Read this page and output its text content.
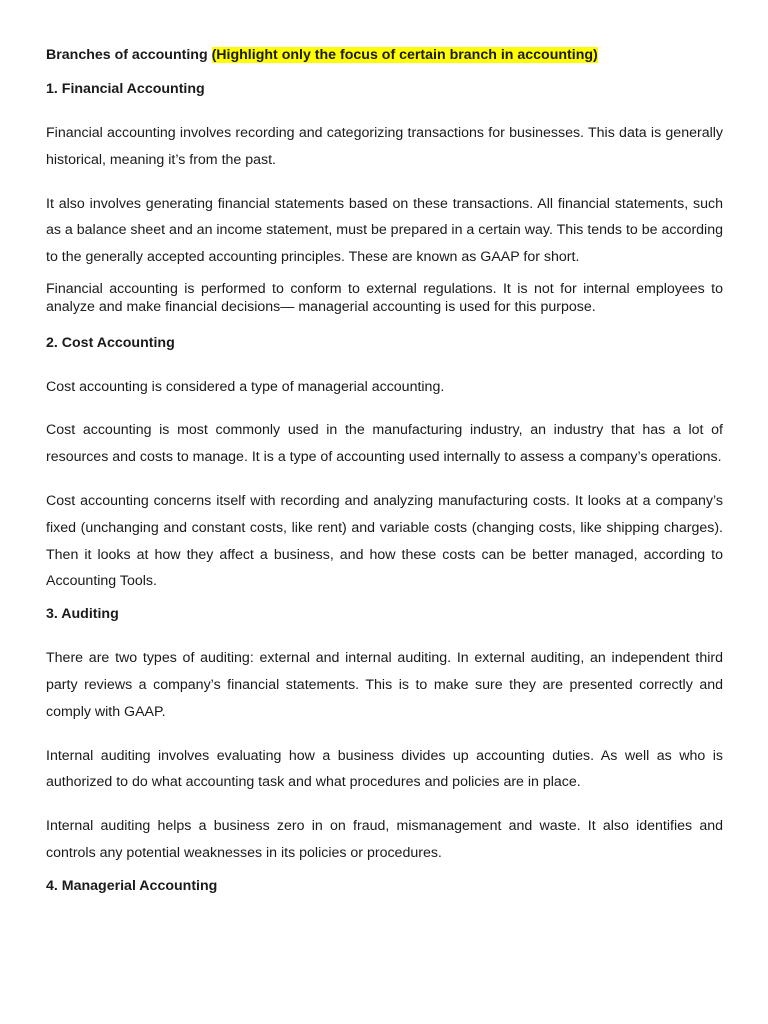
Branches of accounting (Highlight only the focus of certain branch in accounting)
1. Financial Accounting

Financial accounting involves recording and categorizing transactions for businesses. This data is generally historical, meaning it’s from the past.

It also involves generating financial statements based on these transactions. All financial statements, such as a balance sheet and an income statement, must be prepared in a certain way. This tends to be according to the generally accepted accounting principles. These are known as GAAP for short.

Financial accounting is performed to conform to external regulations. It is not for internal employees to analyze and make financial decisions— managerial accounting is used for this purpose.

2. Cost Accounting

Cost accounting is considered a type of managerial accounting.

Cost accounting is most commonly used in the manufacturing industry, an industry that has a lot of resources and costs to manage. It is a type of accounting used internally to assess a company’s operations.

Cost accounting concerns itself with recording and analyzing manufacturing costs. It looks at a company’s fixed (unchanging and constant costs, like rent) and variable costs (changing costs, like shipping charges). Then it looks at how they affect a business, and how these costs can be better managed, according to Accounting Tools.

3. Auditing

There are two types of auditing: external and internal auditing. In external auditing, an independent third party reviews a company’s financial statements. This is to make sure they are presented correctly and comply with GAAP.

Internal auditing involves evaluating how a business divides up accounting duties. As well as who is authorized to do what accounting task and what procedures and policies are in place.

Internal auditing helps a business zero in on fraud, mismanagement and waste. It also identifies and controls any potential weaknesses in its policies or procedures.

4. Managerial Accounting
